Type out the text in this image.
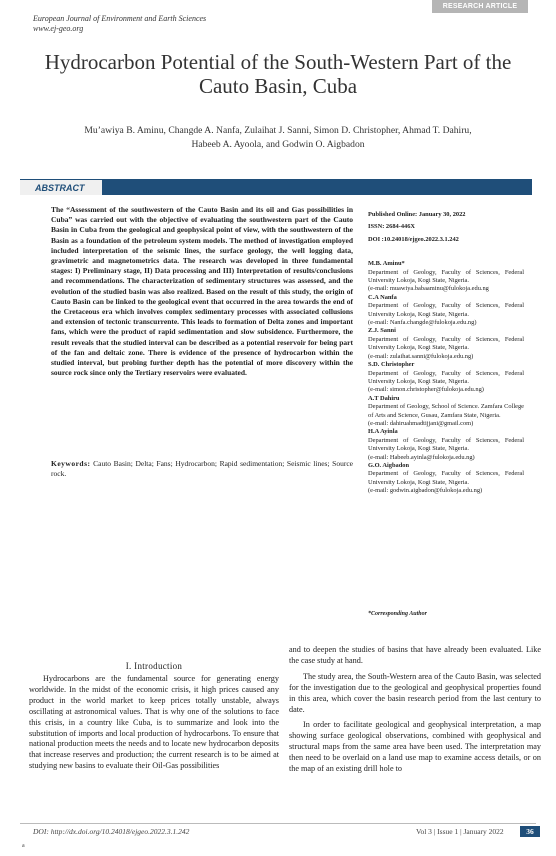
European Journal of Environment and Earth Sciences
www.ej-geo.org
RESEARCH ARTICLE
Hydrocarbon Potential of the South-Western Part of the Cauto Basin, Cuba
Mu’awiya B. Aminu, Changde A. Nanfa, Zulaihat J. Sanni, Simon D. Christopher, Ahmad T. Dahiru,
Habeeb A. Ayoola, and Godwin O. Aigbadon
ABSTRACT
The “Assessment of the southwestern of the Cauto Basin and its oil and Gas possibilities in Cuba” was carried out with the objective of evaluating the southwestern part of the Cauto Basin in Cuba from the geological and geophysical point of view, with the southwestern of the Basin as a foundation of the petroleum system models. The method of investigation employed included interpretation of the seismic lines, the surface geology, the well logging data, gravimetric and magnetometrics data. The research was developed in three fundamental stages: I) Preliminary stage, II) Data processing and III) Interpretation of results/conclusions and recommendations. The characterization of sedimentary structures was assessed, and the evolution of the studied basin was also realized. Based on the result of this study, the origin of Cauto Basin can be linked to the geological event that occurred in the area towards the end of the Cretaceous era which involves complex sedimentary processes with associated collusions and extension of tectonic transcurrente. This leads to formation of Delta zones and important fans, which were the product of rapid sedimentation and slow subsidence. Furthermore, the result reveals that the studied interval can be described as a potential reservoir for being part of the fan and deltaic zone. There is evidence of the presence of hydrocarbon within the studied interval, but probing further depth has the potential of more discovery within the source rock since only the Tertiary reservoirs were evaluated.
Keywords: Cauto Basin; Delta; Fans; Hydrocarbon; Rapid sedimentation; Seismic lines; Source rock.
Published Online: January 30, 2022
ISSN: 2684-446X
DOI :10.24018/ejgeo.2022.3.1.242
M.B. Aminu*
Department of Geology, Faculty of Sciences, Federal University Lokoja, Kogi State, Nigeria.
(e-mail: muawiya.babaaminu@fulokoja.edu.ng
C.A Nanfa
Department of Geology, Faculty of Sciences, Federal University Lokoja, Kogi State, Nigeria.
(e-mail: Nanfa.changde@fulokoja.edu.ng)
Z.J. Sanni
Department of Geology, Faculty of Sciences, Federal University Lokoja, Kogi State, Nigeria.
(e-mail: zulaihat.sanni@fulokoja.edu.ng)
S.D. Christopher
Department of Geology, Faculty of Sciences, Federal University Lokoja, Kogi State, Nigeria.
(e-mail: simon.christopher@fulokoja.edu.ng)
A.T Dahiru
Department of Geology, School of Science. Zamfara College of Arts and Science, Gusau, Zamfara State, Nigeria.
(e-mail: dahiruahmadtijjani@gmail.com)
H.A Ayinla
Department of Geology, Faculty of Sciences, Federal University Lokoja, Kogi State, Nigeria.
(e-mail: Habeeb.ayinla@fulokoja.edu.ng)
G.O. Aigbadon
Department of Geology, Faculty of Sciences, Federal University Lokoja, Kogi State, Nigeria.
(e-mail: godwin.aigbadon@fulokoja.edu.ng)
*Corresponding Author
I. Introduction

Hydrocarbons are the fundamental source for generating energy worldwide. In the midst of the economic crisis, it high prices caused any product in the world market to keep prices totally unstable, always oscillating at astronomical values. That is why one of the solutions to face this crisis, in a country like Cuba, is to summarize and look into the substitution of imports and local production of hydrocarbons. To ensure that national production meets the needs and to locate new hydrocarbon deposits that increase reserves and production; the current research is to be aimed at studying new basins to evaluate their Oil-Gas possibilities

and to deepen the studies of basins that have already been evaluated. Like the case study at hand.

The study area, the South-Western area of the Cauto Basin, was selected for the investigation due to the geological and geophysical properties found in this area, which cover the basin research period from the last century to date.

In order to facilitate geological and geophysical interpretation, a map showing surface geological observations, combined with geophysical and structural maps from the same area have been used. The interpretation may then need to be overlaid on a land use map to examine access details, or on the map of an existing drill hole to

DOI: http://dx.doi.org/10.24018/ejgeo.2022.3.1.242	Vol 3 | Issue 1 | January 2022	36
a
